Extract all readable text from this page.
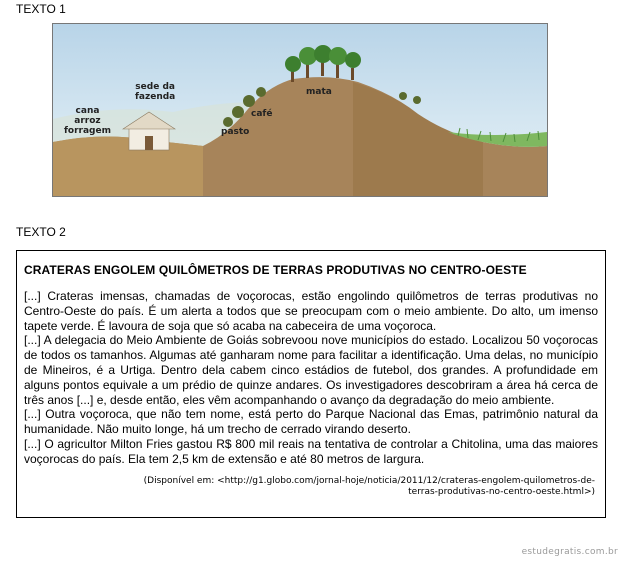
TEXTO 1
cana
arroz
forragem
sede da
fazenda
pasto
café
mata
TEXTO 2
CRATERAS ENGOLEM QUILÔMETROS DE TERRAS PRODUTIVAS NO CENTRO-OESTE

[...] Crateras imensas, chamadas de voçorocas, estão engolindo quilômetros de terras produtivas no Centro-Oeste do país. É um alerta a todos que se preocupam com o meio ambiente. Do alto, um imenso tapete verde. É lavoura de soja que só acaba na cabeceira de uma voçoroca.

[...] A delegacia do Meio Ambiente de Goiás sobrevoou nove municípios do estado. Localizou 50 voçorocas de todos os tamanhos. Algumas até ganharam nome para facilitar a identificação. Uma delas, no município de Mineiros, é a Urtiga. Dentro dela cabem cinco estádios de futebol, dos grandes. A profundidade em alguns pontos equivale a um prédio de quinze andares. Os investigadores descobriram a área há cerca de três anos [...] e, desde então, eles vêm acompanhando o avanço da degradação do meio ambiente.

[...] Outra voçoroca, que não tem nome, está perto do Parque Nacional das Emas, patrimônio natural da humanidade. Não muito longe, há um trecho de cerrado virando deserto.

[...] O agricultor Milton Fries gastou R$ 800 mil reais na tentativa de controlar a Chitolina, uma das maiores voçorocas do país. Ela tem 2,5 km de extensão e até 80 metros de largura.

(Disponível em: <http://g1.globo.com/jornal-hoje/noticia/2011/12/crateras-engolem-quilometros-de-
terras-produtivas-no-centro-oeste.html>)
estudegratis.com.br
